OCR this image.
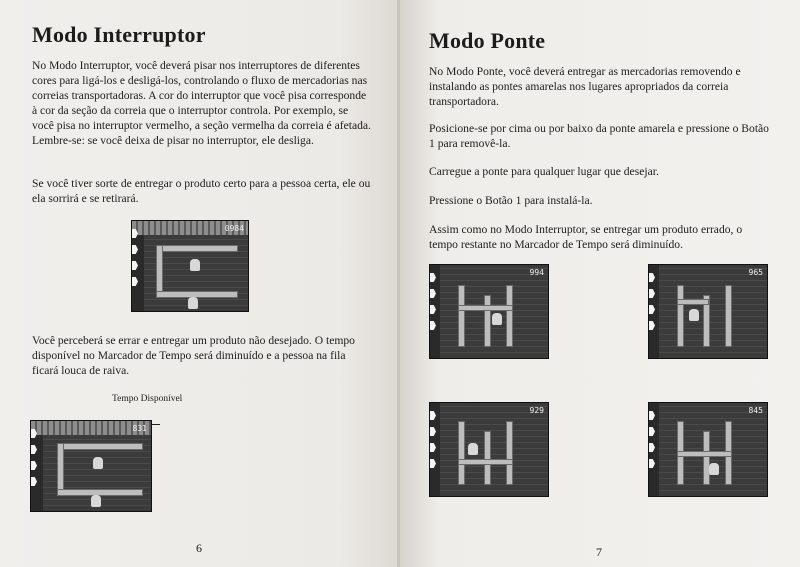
Modo Interruptor

No Modo Interruptor, você deverá pisar nos interruptores de diferentes cores para ligá-los e desligá-los, controlando o fluxo de mercadorias nas correias transportadoras. A cor do interruptor que você pisa corresponde à cor da seção da correia que o interruptor controla. Por exemplo, se você pisa no interruptor vermelho, a seção vermelha da correia é afetada. Lembre-se: se você deixa de pisar no interruptor, ele desliga.

Se você tiver sorte de entregar o produto certo para a pessoa certa, ele ou ela sorrirá e se retirará.

0984

Você perceberá se errar e entregar um produto não desejado. O tempo disponível no Marcador de Tempo será diminuído e a pessoa na fila ficará louca de raiva.

Tempo Disponível
831
6
Modo Ponte

No Modo Ponte, você deverá entregar as mercadorias removendo e instalando as pontes amarelas nos lugares apropriados da correia transportadora.

Posicione-se por cima ou por baixo da ponte amarela e pressione o Botão 1 para removê-la.

Carregue a ponte para qualquer lugar que desejar.

Pressione o Botão 1 para instalá-la.

Assim como no Modo Interruptor, se entregar um produto errado, o tempo restante no Marcador de Tempo será diminuído.

994	965
929	845
7
